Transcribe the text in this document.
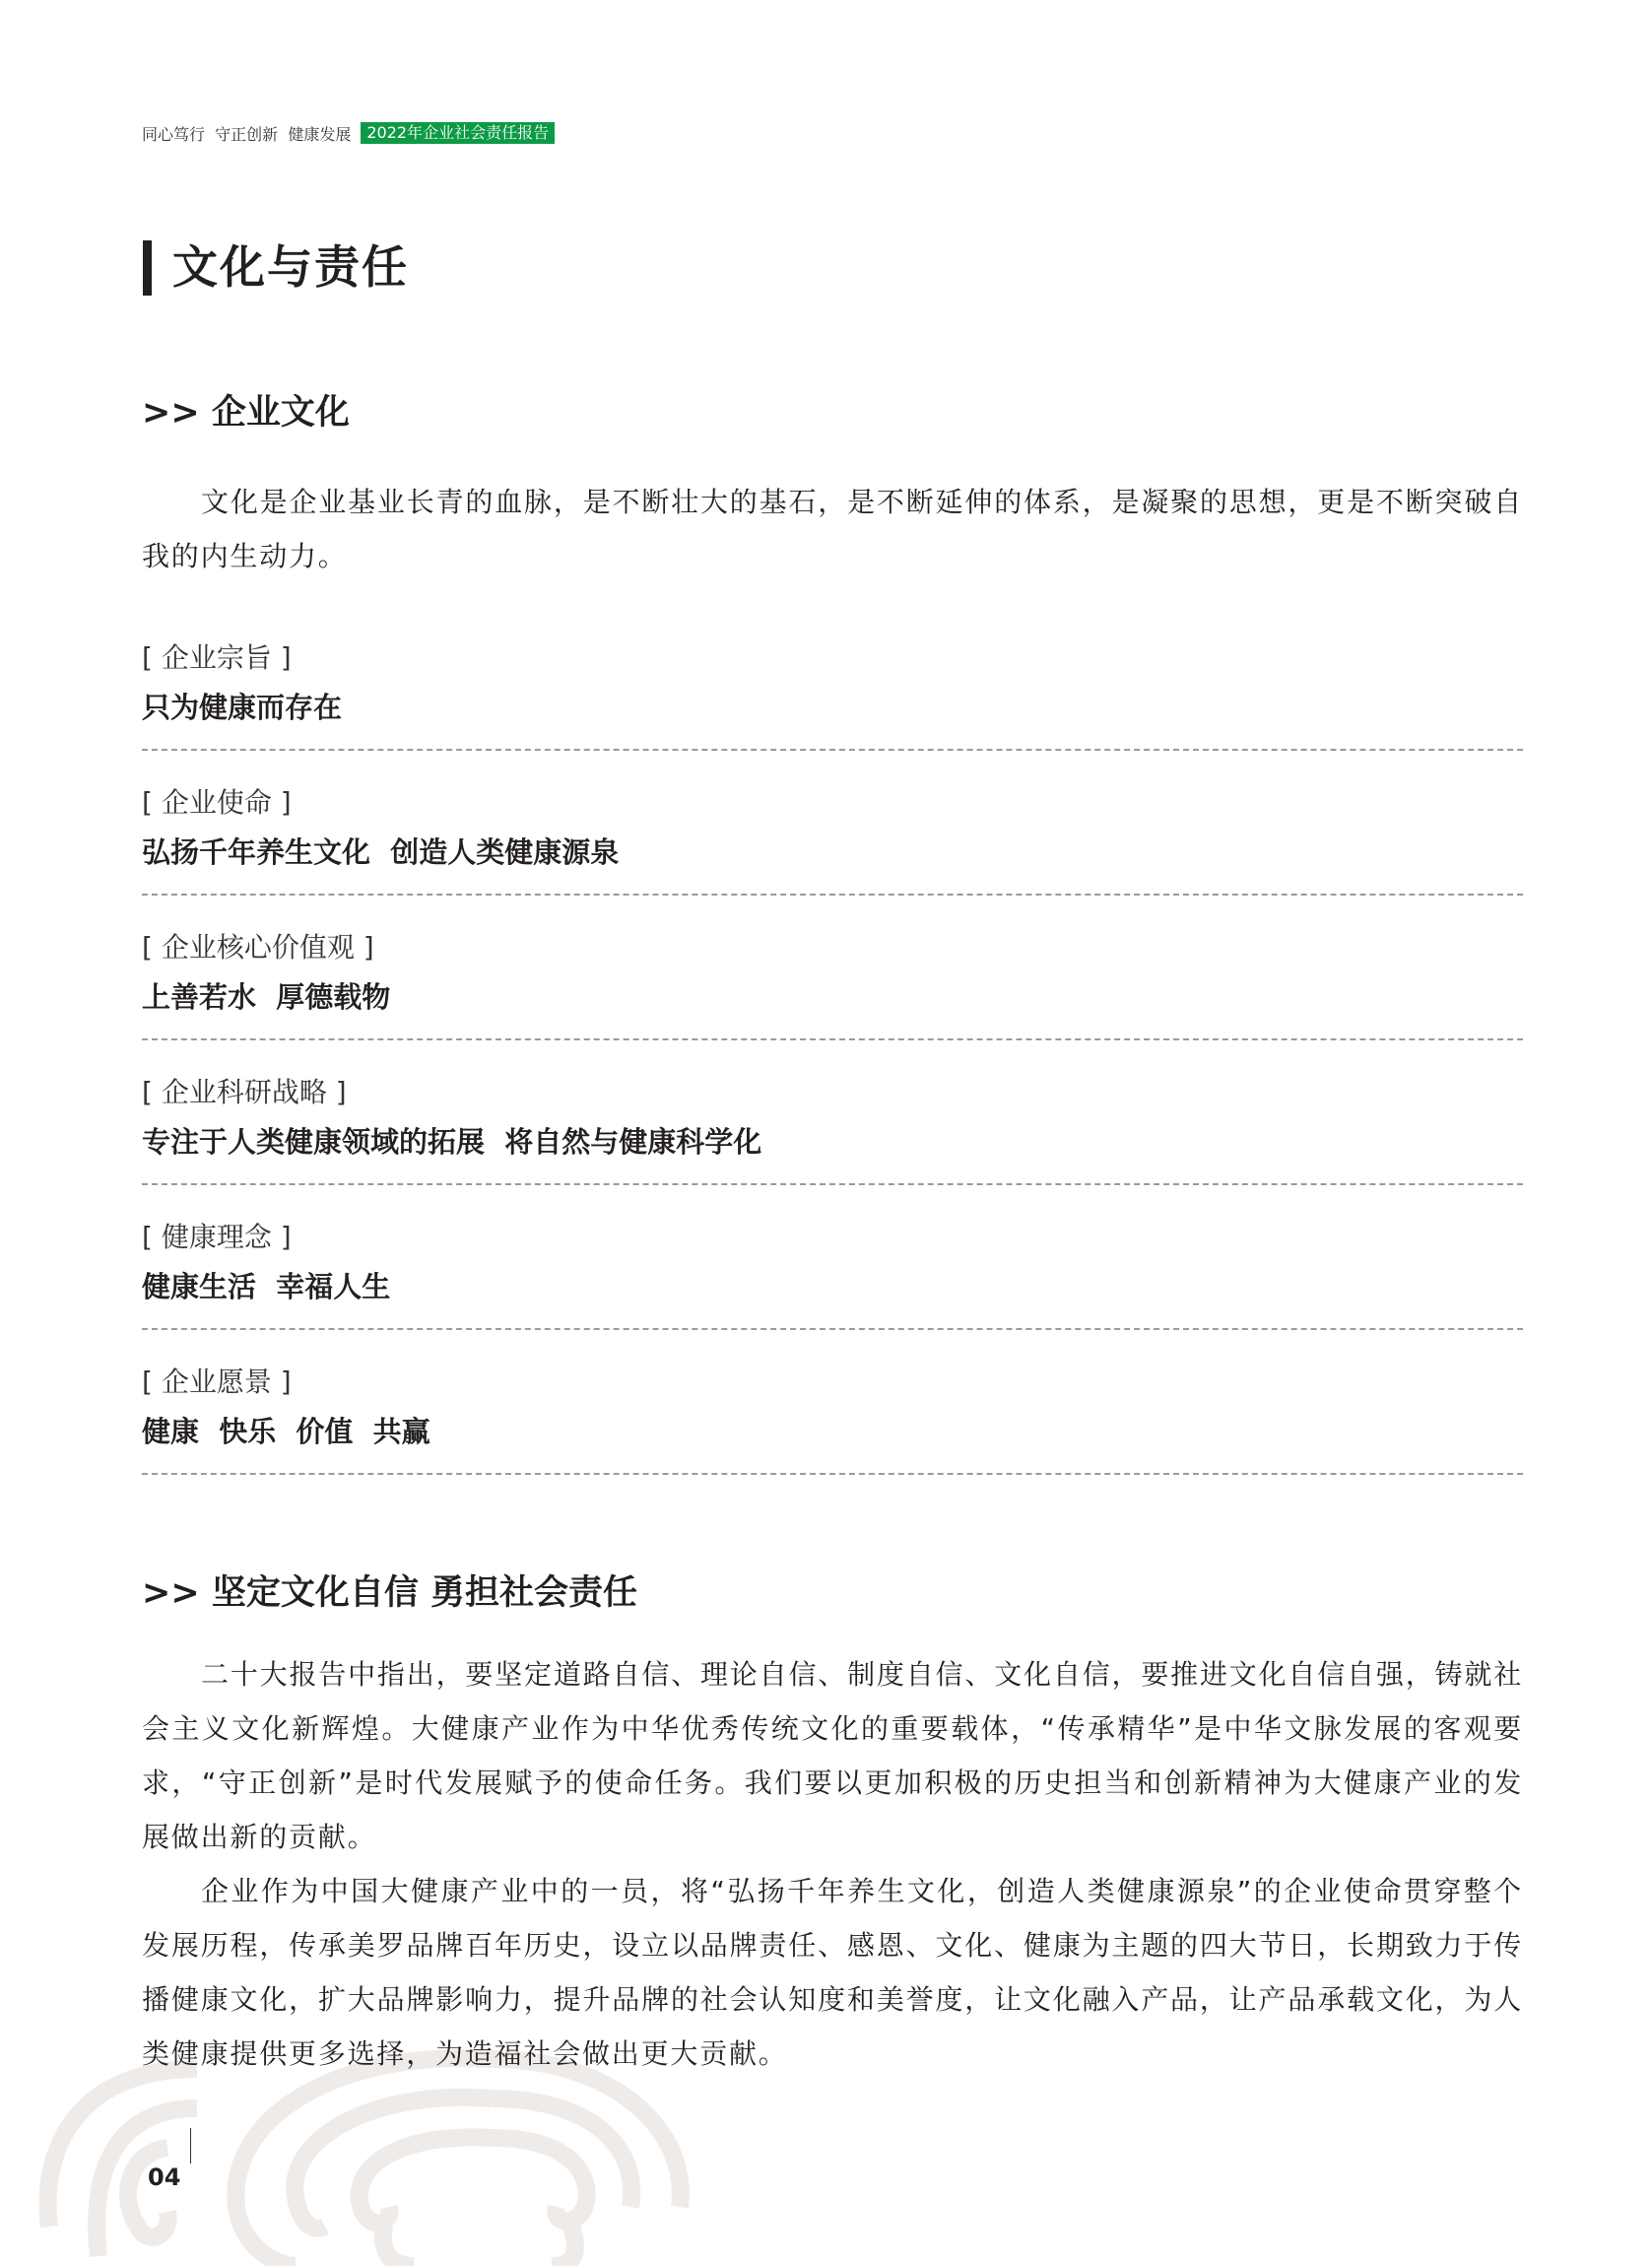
同心笃行  守正创新  健康发展	2022年企业社会责任报告
文化与责任
>> 企业文化

文化是企业基业长青的血脉，是不断壮大的基石，是不断延伸的体系，是凝聚的思想，更是不断突破自我的内生动力。

[ 企业宗旨 ]
只为健康而存在
[ 企业使命 ]
弘扬千年养生文化  创造人类健康源泉
[ 企业核心价值观 ]
上善若水  厚德载物
[ 企业科研战略 ]
专注于人类健康领域的拓展  将自然与健康科学化
[ 健康理念 ]
健康生活  幸福人生
[ 企业愿景 ]
健康  快乐  价值  共赢
>> 坚定文化自信 勇担社会责任

二十大报告中指出，要坚定道路自信、理论自信、制度自信、文化自信，要推进文化自信自强，铸就社会主义文化新辉煌。大健康产业作为中华优秀传统文化的重要载体，“传承精华”是中华文脉发展的客观要求，“守正创新”是时代发展赋予的使命任务。我们要以更加积极的历史担当和创新精神为大健康产业的发展做出新的贡献。

企业作为中国大健康产业中的一员，将“弘扬千年养生文化，创造人类健康源泉”的企业使命贯穿整个发展历程，传承美罗品牌百年历史，设立以品牌责任、感恩、文化、健康为主题的四大节日，长期致力于传播健康文化，扩大品牌影响力，提升品牌的社会认知度和美誉度，让文化融入产品，让产品承载文化，为人类健康提供更多选择，为造福社会做出更大贡献。

04
